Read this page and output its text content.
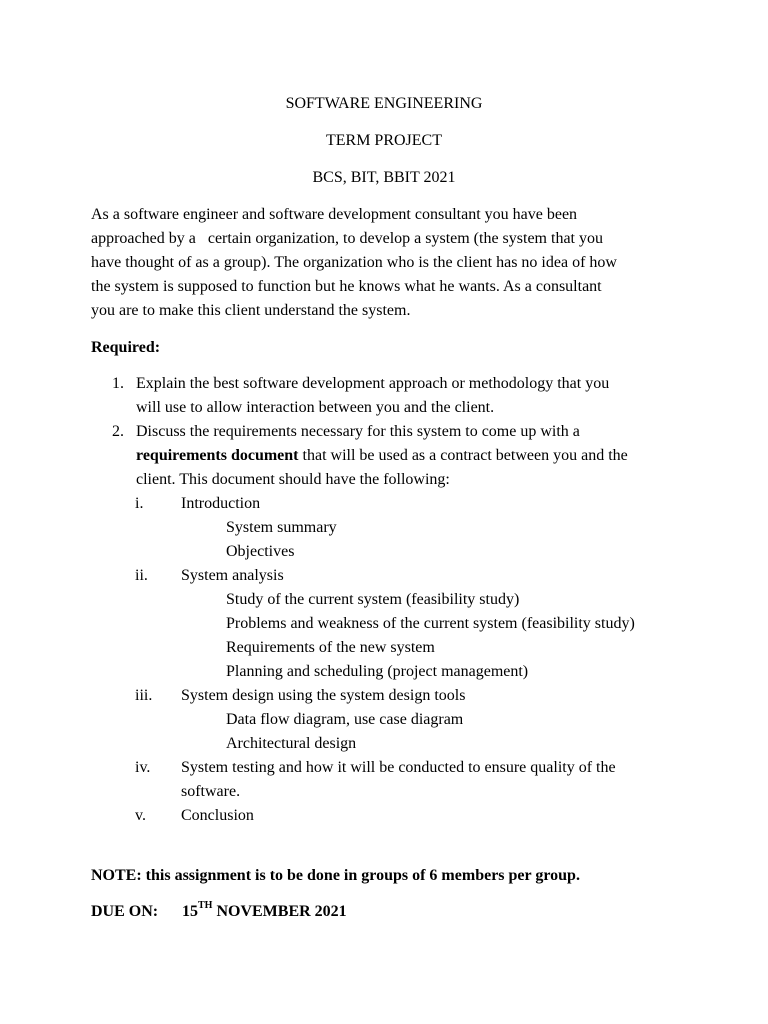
SOFTWARE ENGINEERING
TERM PROJECT
BCS, BIT, BBIT 2021
As a software engineer and software development consultant you have been
approached by a   certain organization, to develop a system (the system that you
have thought of as a group). The organization who is the client has no idea of how
the system is supposed to function but he knows what he wants. As a consultant
you are to make this client understand the system.
Required:
1. Explain the best software development approach or methodology that you
will use to allow interaction between you and the client.
2. Discuss the requirements necessary for this system to come up with a
requirements document that will be used as a contract between you and the
client. This document should have the following:
i. Introduction
System summary
Objectives
ii. System analysis
Study of the current system (feasibility study)
Problems and weakness of the current system (feasibility study)
Requirements of the new system
Planning and scheduling (project management)
iii. System design using the system design tools
Data flow diagram, use case diagram
Architectural design
iv. System testing and how it will be conducted to ensure quality of the
software.
v. Conclusion
NOTE: this assignment is to be done in groups of 6 members per group.
DUE ON: 15TH NOVEMBER 2021
